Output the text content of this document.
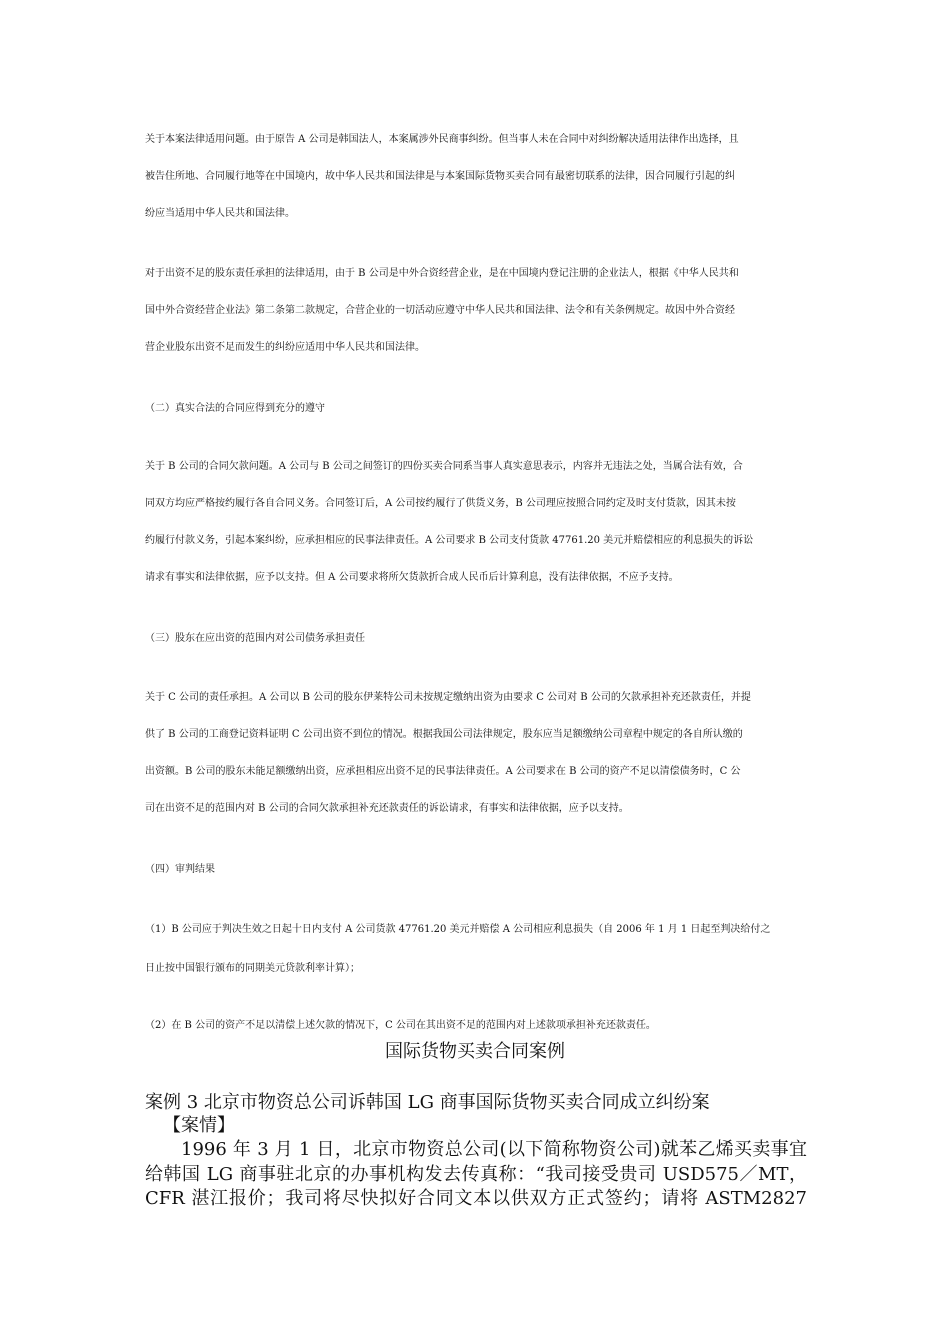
关于本案法律适用问题。由于原告 A 公司是韩国法人，本案属涉外民商事纠纷。但当事人未在合同中对纠纷解决适用法律作出选择，且
被告住所地、合同履行地等在中国境内，故中华人民共和国法律是与本案国际货物买卖合同有最密切联系的法律，因合同履行引起的纠
纷应当适用中华人民共和国法律。
对于出资不足的股东责任承担的法律适用，由于 B 公司是中外合资经营企业，是在中国境内登记注册的企业法人，根据《中华人民共和
国中外合资经营企业法》第二条第二款规定，合营企业的一切活动应遵守中华人民共和国法律、法令和有关条例规定。故因中外合资经
营企业股东出资不足而发生的纠纷应适用中华人民共和国法律。
（二）真实合法的合同应得到充分的遵守
关于 B 公司的合同欠款问题。A 公司与 B 公司之间签订的四份买卖合同系当事人真实意思表示，内容并无违法之处，当属合法有效，合
同双方均应严格按约履行各自合同义务。合同签订后，A 公司按约履行了供货义务，B 公司理应按照合同约定及时支付货款，因其未按
约履行付款义务，引起本案纠纷，应承担相应的民事法律责任。A 公司要求 B 公司支付货款 47761.20 美元并赔偿相应的利息损失的诉讼
请求有事实和法律依据，应予以支持。但 A 公司要求将所欠货款折合成人民币后计算利息，没有法律依据，不应予支持。
（三）股东在应出资的范围内对公司债务承担责任
关于 C 公司的责任承担。A 公司以 B 公司的股东伊莱特公司未按规定缴纳出资为由要求 C 公司对 B 公司的欠款承担补充还款责任，并提
供了 B 公司的工商登记资料证明 C 公司出资不到位的情况。根据我国公司法律规定，股东应当足额缴纳公司章程中规定的各自所认缴的
出资额。B 公司的股东未能足额缴纳出资，应承担相应出资不足的民事法律责任。A 公司要求在 B 公司的资产不足以清偿债务时，C 公
司在出资不足的范围内对 B 公司的合同欠款承担补充还款责任的诉讼请求，有事实和法律依据，应予以支持。
（四）审判结果
（1）B 公司应于判决生效之日起十日内支付 A 公司货款 47761.20 美元并赔偿 A 公司相应利息损失（自 2006 年 1 月 1 日起至判决给付之
日止按中国银行颁布的同期美元贷款利率计算）；
（2）在 B 公司的资产不足以清偿上述欠款的情况下，C 公司在其出资不足的范围内对上述款项承担补充还款责任。
国际货物买卖合同案例
案例 3 北京市物资总公司诉韩国 LG 商事国际货物买卖合同成立纠纷案
【案情】
1996 年 3 月 1 日，北京市物资总公司(以下简称物资公司)就苯乙烯买卖事宜
给韩国 LG 商事驻北京的办事机构发去传真称：“我司接受贵司 USD575／MT，
CFR 湛江报价；我司将尽快拟好合同文本以供双方正式签约；请将 ASTM2827
